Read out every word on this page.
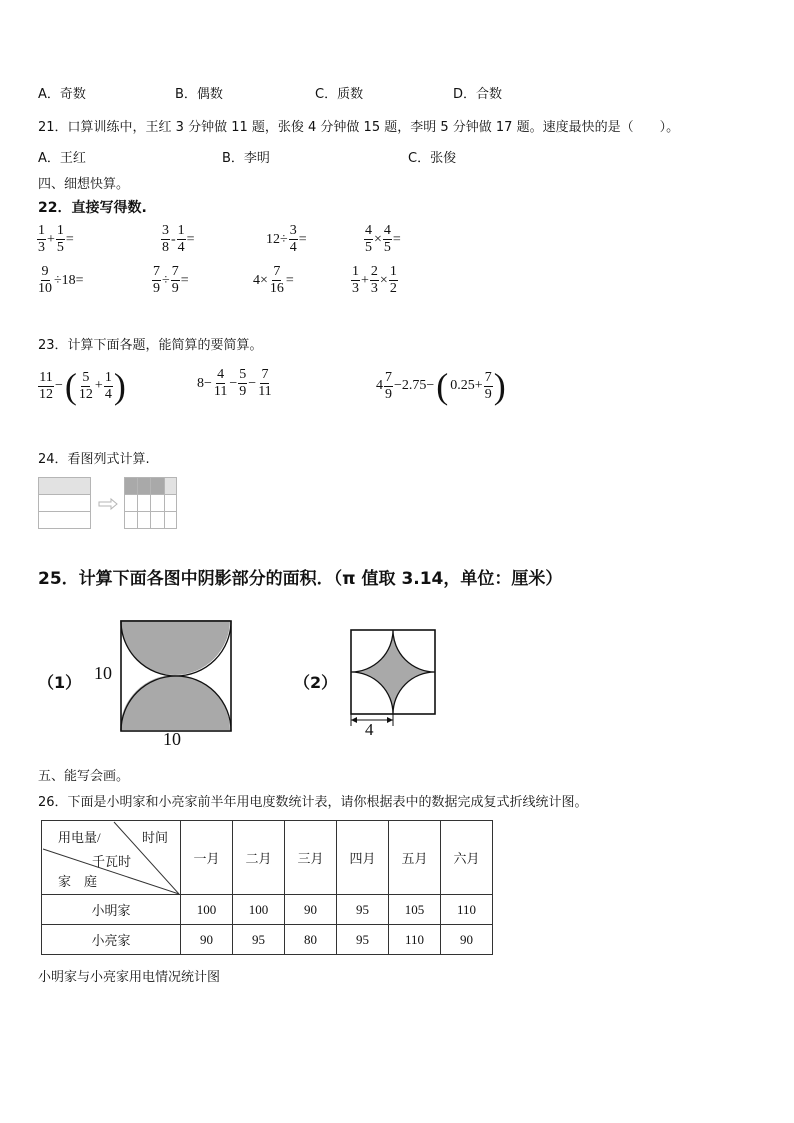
A．奇数	B．偶数	C．质数	D．合数
21．口算训练中，王红 3 分钟做 11 题，张俊 4 分钟做 15 题，李明 5 分钟做 17 题。速度最快的是（　　）。
A．王红	B．李明	C．张俊
四、细想快算。
22．直接写得数.
$\frac{1}{3} + \frac{1}{5}$ =	$\frac{3}{8} - \frac{1}{4}$ =	$12\div \frac{3}{4}$ =	$\frac{4}{5} \times \frac{4}{5}$ =
$\frac{9}{10} \div 18=$	$\frac{7}{9} \div \frac{7}{9}$ =	$4\times \frac{7}{16}$ =	$\frac{1}{3} + \frac{2}{3} \times \frac{1}{2}$
23．计算下面各题，能简算的要简算。
$\frac{11}{12}$ − ( $\frac{5}{12} + \frac{1}{4}$ )	$8- \frac{4}{11} - \frac{5}{9} - \frac{7}{11}$	$4 \frac{7}{9} -2.75-$ ( $0.25+ \frac{7}{9}$ )
24．看图列式计算.
25．计算下面各图中阴影部分的面积．（π 值取 3.14，单位：厘米）
（1） 10
10
（2）
4
五、能写会画。
26．下面是小明家和小亮家前半年用电度数统计表，请你根据表中的数据完成复式折线统计图。
用电量/ 时间
千瓦时
家　庭	一月	二月	三月	四月	五月	六月
小明家	100	100	90	95	105	110
小亮家	90	95	80	95	110	90
小明家与小亮家用电情况统计图
